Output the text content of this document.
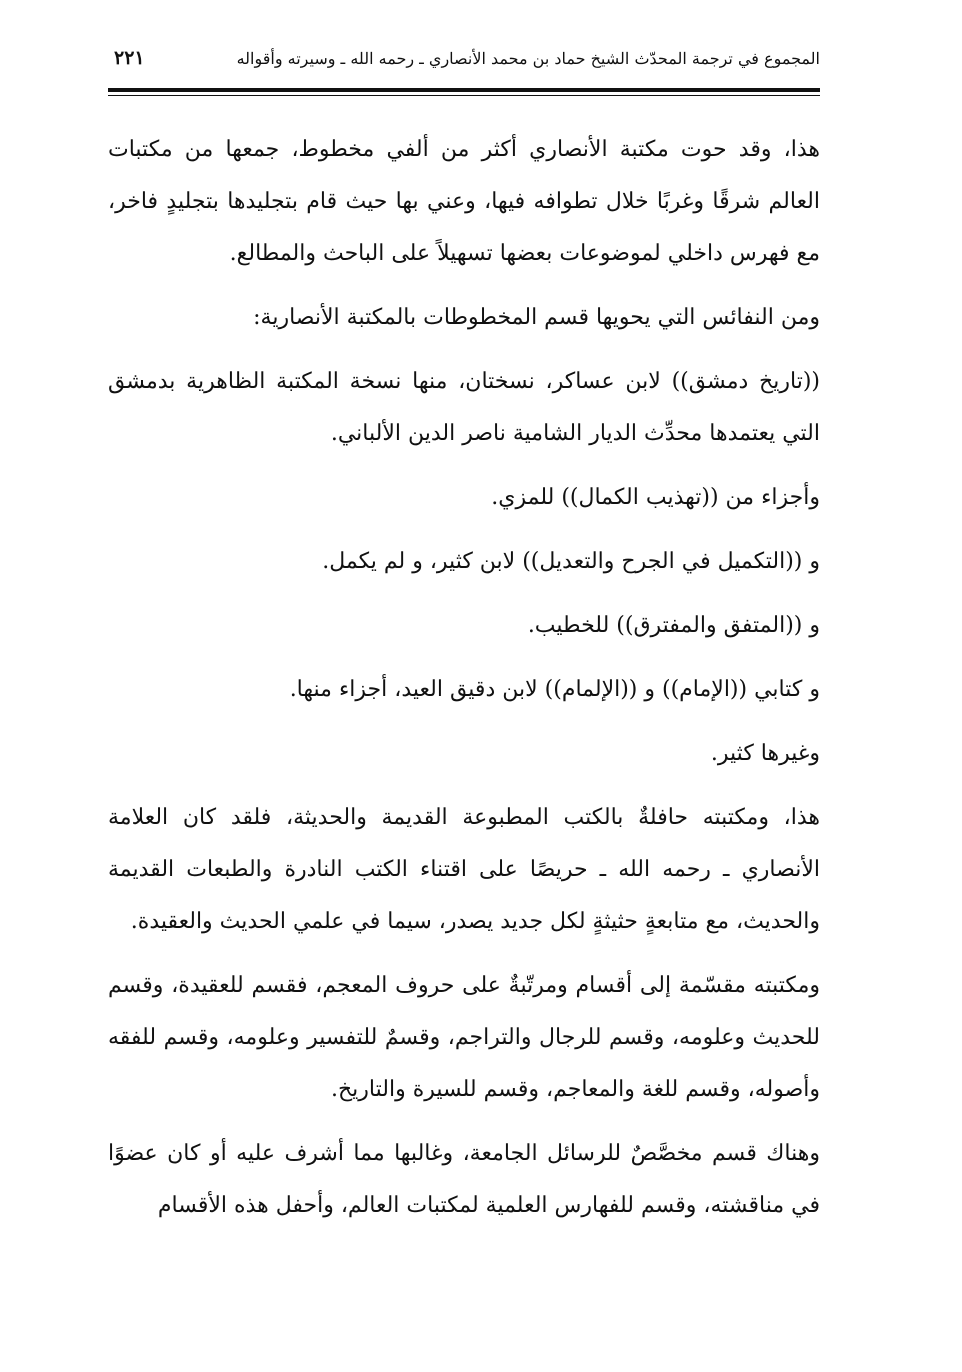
المجموع في ترجمة المحدّث الشيخ حماد بن محمد الأنصاري ـ رحمه الله ـ وسيرته وأقواله
٢٢١

هذا، وقد حوت مكتبة الأنصاري أكثر من ألفي مخطوط، جمعها من مكتبات العالم شرقًا وغربًا خلال تطوافه فيها، وعني بها حيث قام بتجليدها بتجليدٍ فاخر، مع فهرس داخلي لموضوعات بعضها تسهيلاً على الباحث والمطالع.

ومن النفائس التي يحويها قسم المخطوطات بالمكتبة الأنصارية:

((تاريخ دمشق)) لابن عساكر، نسختان، منها نسخة المكتبة الظاهرية بدمشق التي يعتمدها محدِّث الديار الشامية ناصر الدين الألباني.

وأجزاء من ((تهذيب الكمال)) للمزي.

و ((التكميل في الجرح والتعديل)) لابن كثير، و لم يكمل.

و ((المتفق والمفترق)) للخطيب.

و كتابي ((الإمام)) و ((الإلمام)) لابن دقيق العيد، أجزاء منها.

وغيرها كثير.

هذا، ومكتبته حافلةٌ بالكتب المطبوعة القديمة والحديثة، فلقد كان العلامة الأنصاري ـ رحمه الله ـ حريصًا على اقتناء الكتب النادرة والطبعات القديمة والحديث، مع متابعةٍ حثيثةٍ لكل جديد يصدر، سيما في علمي الحديث والعقيدة.

ومكتبته مقسّمة إلى أقسام ومرتّبةٌ على حروف المعجم، فقسم للعقيدة، وقسم للحديث وعلومه، وقسم للرجال والتراجم، وقسمٌ للتفسير وعلومه، وقسم للفقه وأصوله، وقسم للغة والمعاجم، وقسم للسيرة والتاريخ.

وهناك قسم مخصَّصٌ للرسائل الجامعة، وغالبها مما أشرف عليه أو كان عضوًا في مناقشته، وقسم للفهارس العلمية لمكتبات العالم، وأحفل هذه الأقسام
